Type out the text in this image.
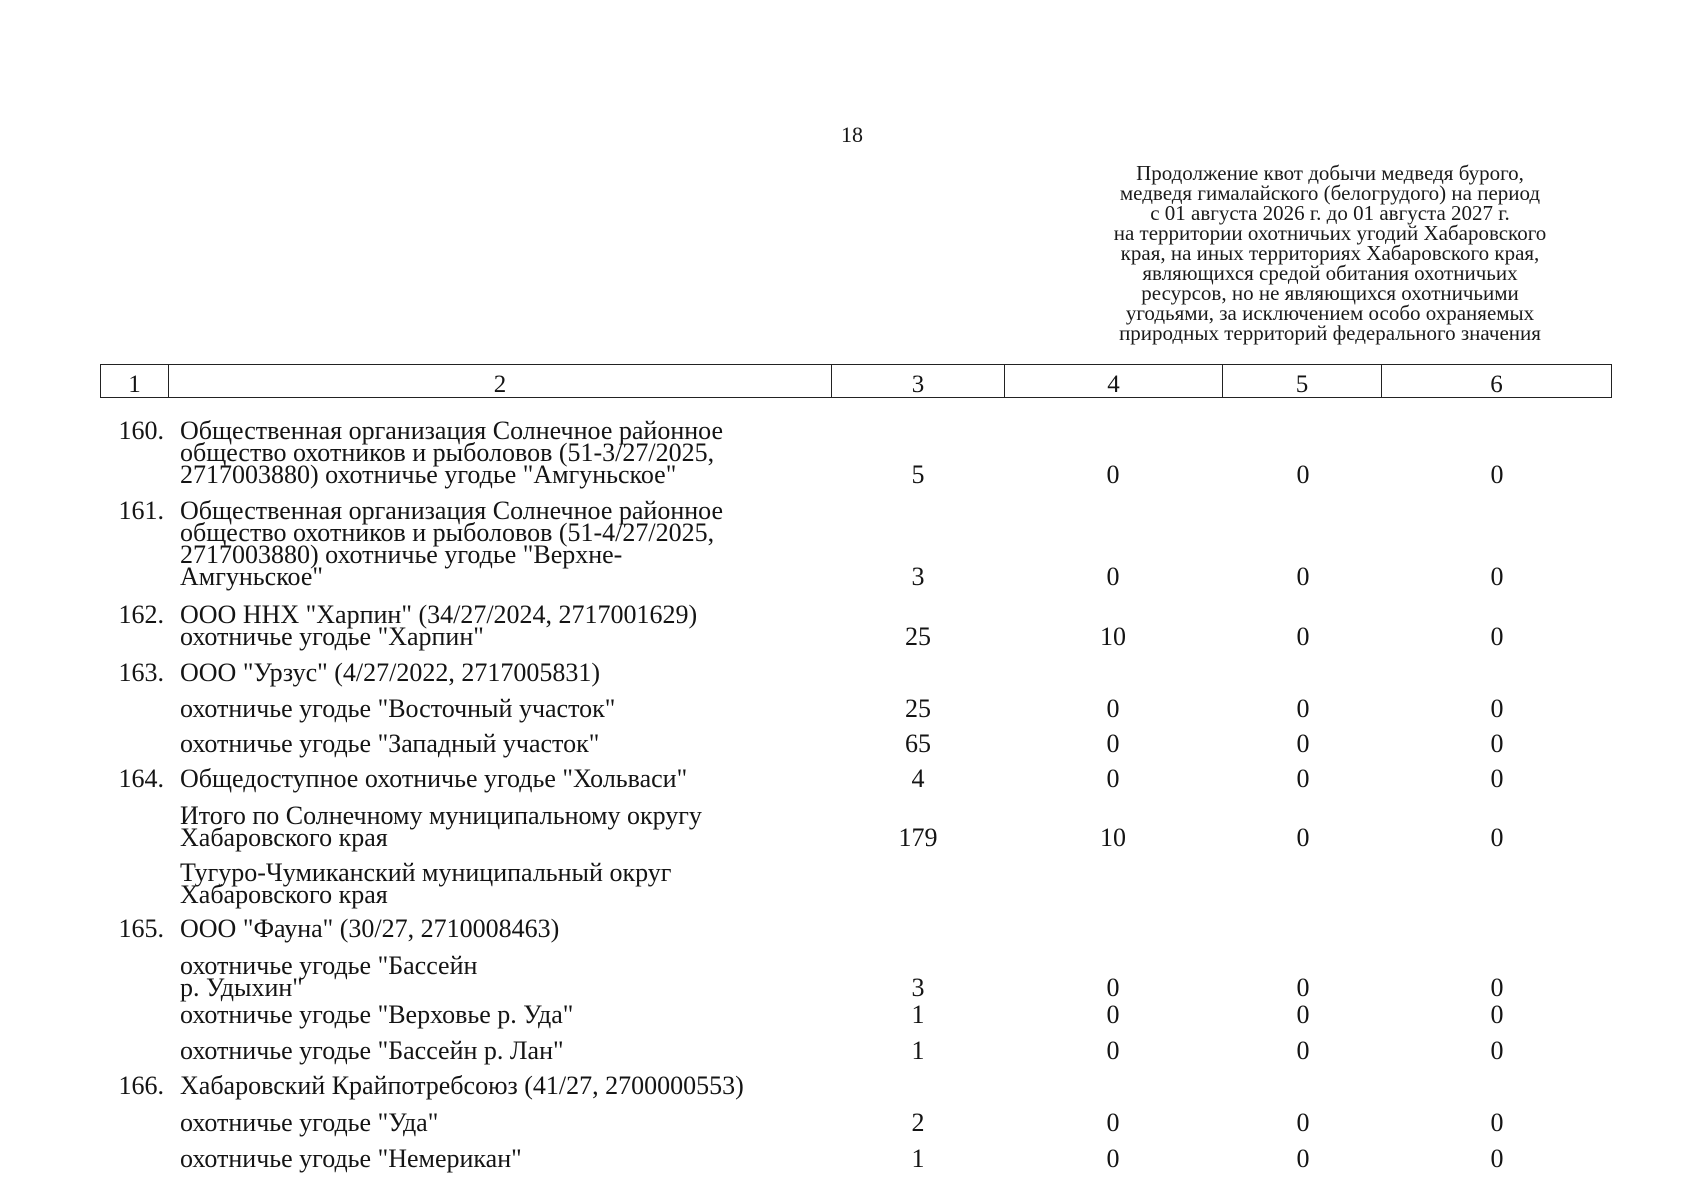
18
Продолжение квот добычи медведя бурого,
медведя гималайского (белогрудого) на период
с 01 августа 2026 г. до 01 августа 2027 г.
на территории охотничьих угодий Хабаровского
края, на иных территориях Хабаровского края,
являющихся средой обитания охотничьих
ресурсов, но не являющихся охотничьими
угодьями, за исключением особо охраняемых
природных территорий федерального значения
1	2	3	4	5	6
160. Общественная организация Солнечное районное
общество охотников и рыболовов (51-3/27/2025,
2717003880) охотничье угодье "Амгуньское"	5	0	0	0
161. Общественная организация Солнечное районное
общество охотников и рыболовов (51-4/27/2025,
2717003880) охотничье угодье "Верхне-
Амгуньское"	3	0	0	0
162. ООО НHX "Харпин" (34/27/2024, 2717001629)
охотничье угодье "Харпин"	25	10	0	0
163. ООО "Урзус" (4/27/2022, 2717005831)
охотничье угодье "Восточный участок"	25	0	0	0
охотничье угодье "Западный участок"	65	0	0	0
164. Общедоступное охотничье угодье "Хольваси"	4	0	0	0
Итого по Солнечному муниципальному округу
Хабаровского края	179	10	0	0
Тугуро-Чумиканский муниципальный округ
Хабаровского края
165. ООО "Фауна" (30/27, 2710008463)
охотничье угодье "Бассейн
р. Удыхин"	3	0	0	0
охотничье угодье "Верховье р. Уда"	1	0	0	0
охотничье угодье "Бассейн р. Лан"	1	0	0	0
166. Хабаровский Крайпотребсоюз (41/27, 2700000553)
охотничье угодье "Уда"	2	0	0	0
охотничье угодье "Немерикан"	1	0	0	0
